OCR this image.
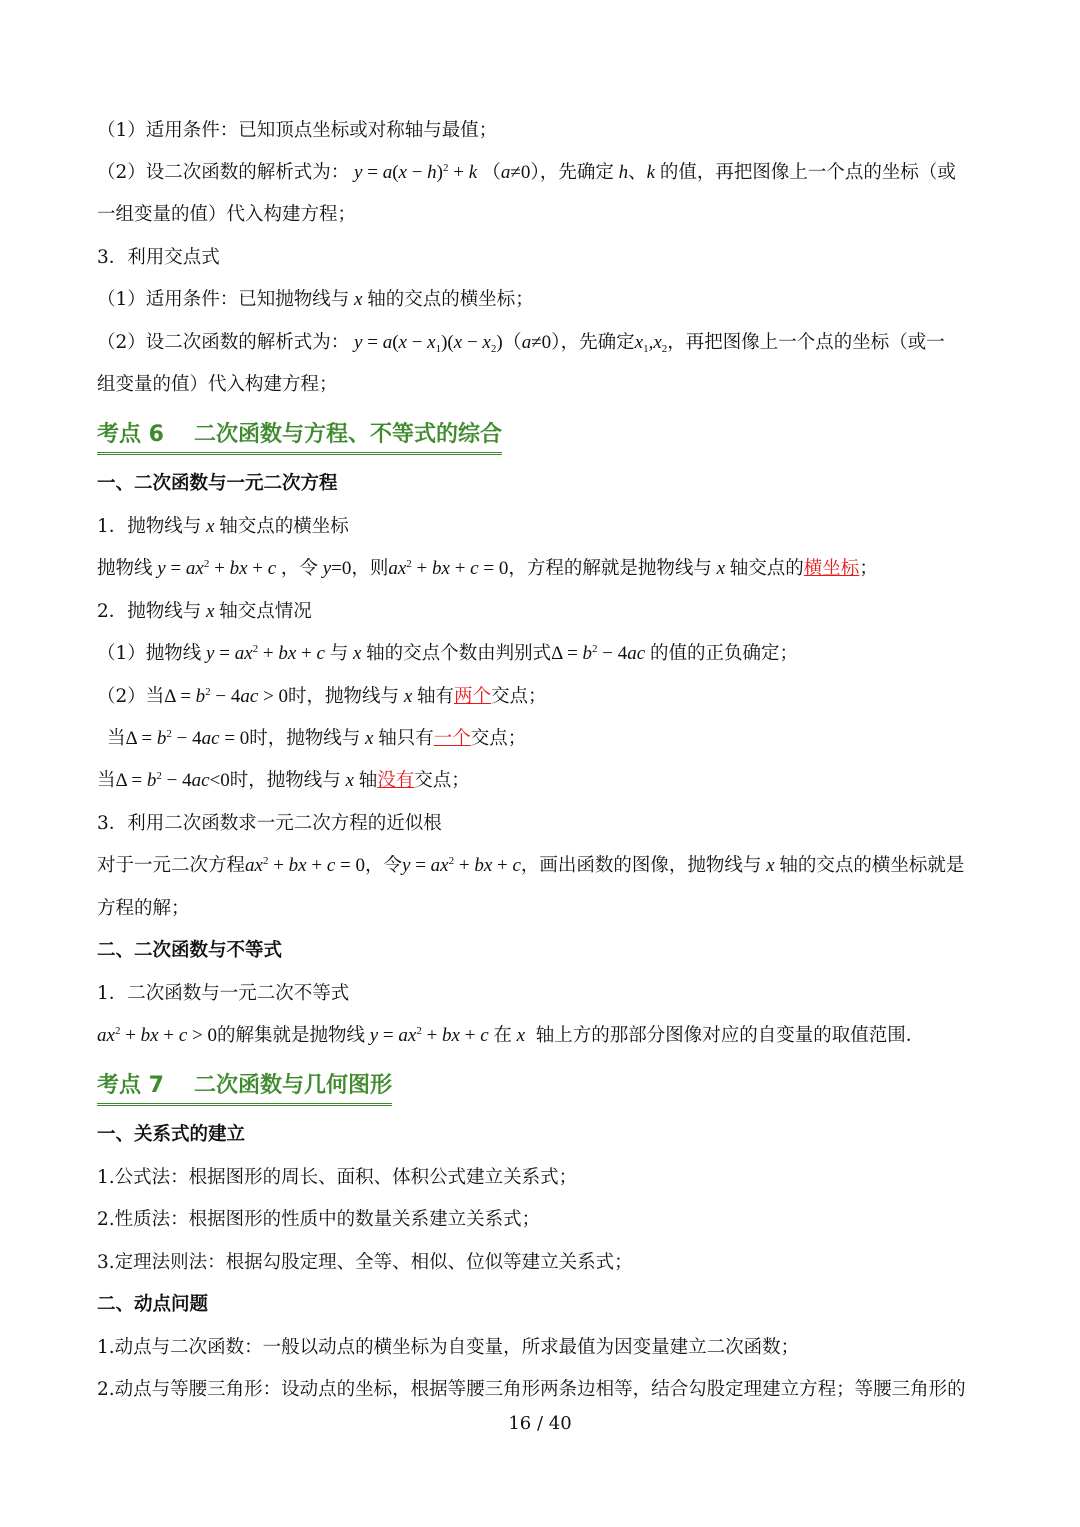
（1）适用条件：已知顶点坐标或对称轴与最值；
（2）设二次函数的解析式为： $y = a(x - h)^2 + k$ （a≠0），先确定 h、k 的值，再把图像上一个点的坐标（或
一组变量的值）代入构建方程；
3．利用交点式
（1）适用条件：已知抛物线与 x 轴的交点的横坐标；
（2）设二次函数的解析式为： $y = a(x - x_1)(x - x_2)(a\ne 0)$，先确定$x_1,x_2$，再把图像上一个点的坐标（或一
组变量的值）代入构建方程；
考点 6 二次函数与方程、不等式的综合
一、二次函数与一元二次方程
1．抛物线与 x 轴交点的横坐标
抛物线 $y = ax^2$ + bx + c ，令 y=0，则$ax^2$ + bx + c = 0，方程的解就是抛物线与 x 轴交点的横坐标；
2．抛物线与 x 轴交点情况
（1）抛物线 $y = ax^2$ + bx + c 与 x 轴的交点个数由判别式$\Delta = b^2 - 4ac$ 的值的正负确定；
（2）当$\Delta = b^2 - 4ac > 0$时，抛物线与 x 轴有两个交点；
当$\Delta = b^2 - 4ac = 0$时，抛物线与 x 轴只有一个交点；
当$\Delta = b^2 - 4ac<0$时，抛物线与 x 轴没有交点；
3．利用二次函数求一元二次方程的近似根
对于一元二次方程$ax^2$ + bx + c = 0，令$y = ax^2$ + bx + c，画出函数的图像，抛物线与 x 轴的交点的横坐标就是
方程的解；
二、二次函数与不等式
1．二次函数与一元二次不等式
$ax^2$ + bx + c > 0的解集就是抛物线 $y = ax^2$ + bx + c 在 x  轴上方的那部分图像对应的自变量的取值范围．
考点 7 二次函数与几何图形
一、关系式的建立
1.公式法：根据图形的周长、面积、体积公式建立关系式；
2.性质法：根据图形的性质中的数量关系建立关系式；
3.定理法则法：根据勾股定理、全等、相似、位似等建立关系式；
二、动点问题
1.动点与二次函数：一般以动点的横坐标为自变量，所求最值为因变量建立二次函数；
2.动点与等腰三角形：设动点的坐标，根据等腰三角形两条边相等，结合勾股定理建立方程；等腰三角形的
16 / 40
